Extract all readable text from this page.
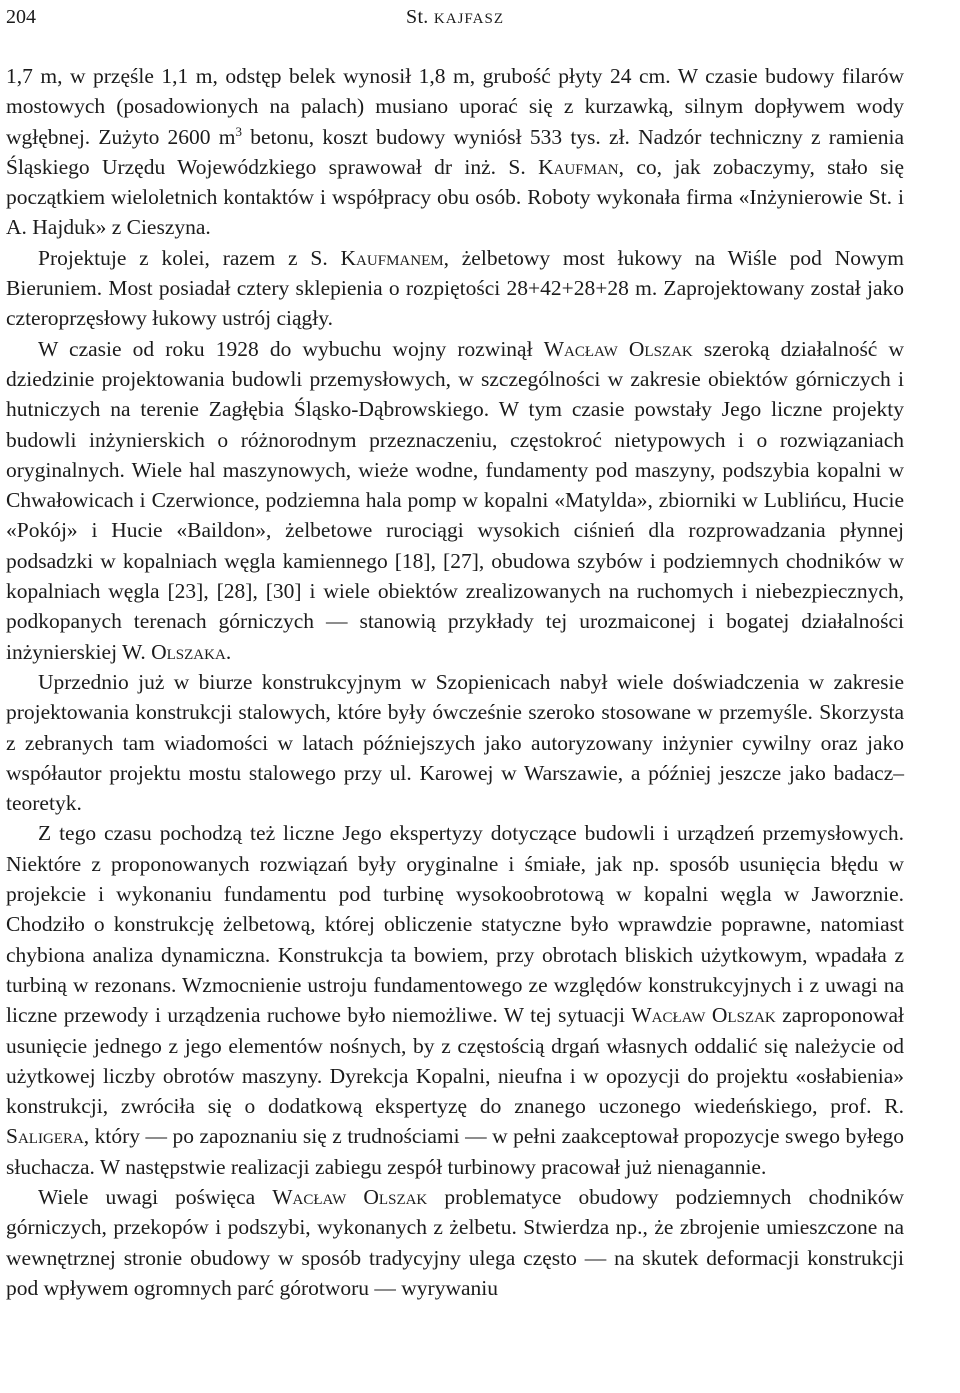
204	St. KAJFASZ

1,7 m, w przęśle 1,1 m, odstęp belek wynosił 1,8 m, grubość płyty 24 cm. W czasie budowy filarów mostowych (posadowionych na palach) musiano uporać się z kurzawką, silnym dopływem wody wgłębnej. Zużyto 2600 $m^3$ betonu, koszt budowy wyniósł 533 tys. zł. Nadzór techniczny z ramienia Śląskiego Urzędu Wojewódzkiego sprawował dr inż. S. Kaufman, co, jak zobaczymy, stało się początkiem wieloletnich kontaktów i współpracy obu osób. Roboty wykonała firma «Inżynierowie St. i A. Hajduk» z Cieszyna.

Projektuje z kolei, razem z S. Kaufmanem, żelbetowy most łukowy na Wiśle pod Nowym Bieruniem. Most posiadał cztery sklepienia o rozpiętości 28+42+28+28 m. Zaprojektowany został jako czteroprzęsłowy łukowy ustrój ciągły.

W czasie od roku 1928 do wybuchu wojny rozwinął Wacław Olszak szeroką działalność w dziedzinie projektowania budowli przemysłowych, w szczególności w zakresie obiektów górniczych i hutniczych na terenie Zagłębia Śląsko-Dąbrowskiego. W tym czasie powstały Jego liczne projekty budowli inżynierskich o różnorodnym przeznaczeniu, częstokroć nietypowych i o rozwiązaniach oryginalnych. Wiele hal maszynowych, wieże wodne, fundamenty pod maszyny, podszybia kopalni w Chwałowicach i Czerwionce, podziemna hala pomp w kopalni «Matylda», zbiorniki w Lublińcu, Hucie «Pokój» i Hucie «Baildon», żelbetowe rurociągi wysokich ciśnień dla rozprowadzania płynnej podsadzki w kopalniach węgla kamiennego [18], [27], obudowa szybów i podziemnych chodników w kopalniach węgla [23], [28], [30] i wiele obiektów zrealizowanych na ruchomych i niebezpiecznych, podkopanych terenach górniczych — stanowią przykłady tej urozmaiconej i bogatej działalności inżynierskiej W. Olszaka.

Uprzednio już w biurze konstrukcyjnym w Szopienicach nabył wiele doświadczenia w zakresie projektowania konstrukcji stalowych, które były ówcześnie szeroko stosowane w przemyśle. Skorzysta z zebranych tam wiadomości w latach późniejszych jako autoryzowany inżynier cywilny oraz jako współautor projektu mostu stalowego przy ul. Karowej w Warszawie, a później jeszcze jako badacz–teoretyk.

Z tego czasu pochodzą też liczne Jego ekspertyzy dotyczące budowli i urządzeń przemysłowych. Niektóre z proponowanych rozwiązań były oryginalne i śmiałe, jak np. sposób usunięcia błędu w projekcie i wykonaniu fundamentu pod turbinę wysokoobrotową w kopalni węgla w Jaworznie. Chodziło o konstrukcję żelbetową, której obliczenie statyczne było wprawdzie poprawne, natomiast chybiona analiza dynamiczna. Konstrukcja ta bowiem, przy obrotach bliskich użytkowym, wpadała z turbiną w rezonans. Wzmocnienie ustroju fundamentowego ze względów konstrukcyjnych i z uwagi na liczne przewody i urządzenia ruchowe było niemożliwe. W tej sytuacji Wacław Olszak zaproponował usunięcie jednego z jego elementów nośnych, by z częstością drgań własnych oddalić się należycie od użytkowej liczby obrotów maszyny. Dyrekcja Kopalni, nieufna i w opozycji do projektu «osłabienia» konstrukcji, zwróciła się o dodatkową ekspertyzę do znanego uczonego wiedeńskiego, prof. R. Saligera, który — po zapoznaniu się z trudnościami — w pełni zaakceptował propozycje swego byłego słuchacza. W następstwie realizacji zabiegu zespół turbinowy pracował już nienagannie.

Wiele uwagi poświęca Wacław Olszak problematyce obudowy podziemnych chodników górniczych, przekopów i podszybi, wykonanych z żelbetu. Stwierdza np., że zbrojenie umieszczone na wewnętrznej stronie obudowy w sposób tradycyjny ulega często — na skutek deformacji konstrukcji pod wpływem ogromnych parć górotworu — wyrywaniu
